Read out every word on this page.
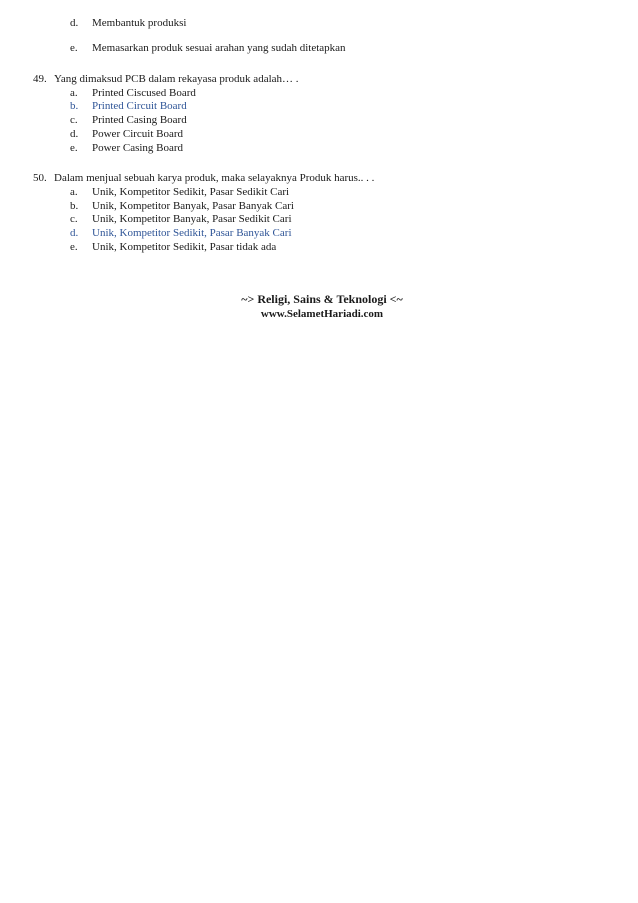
d.	Membantuk produksi
e.	Memasarkan produk sesuai arahan yang sudah ditetapkan
49. Yang dimaksud PCB dalam rekayasa produk adalah… .
a.	Printed Ciscused Board
b.	Printed Circuit Board
c.	Printed Casing Board
d.	Power Circuit Board
e.	Power Casing Board
50. Dalam menjual sebuah karya produk, maka selayaknya Produk harus.. . .
a.	Unik, Kompetitor Sedikit, Pasar Sedikit Cari
b.	Unik, Kompetitor Banyak, Pasar Banyak Cari
c.	Unik, Kompetitor Banyak, Pasar Sedikit Cari
d.	Unik, Kompetitor Sedikit, Pasar Banyak Cari
e.	Unik, Kompetitor Sedikit, Pasar tidak ada
~> Religi, Sains & Teknologi <~
www.SelametHariadi.com
